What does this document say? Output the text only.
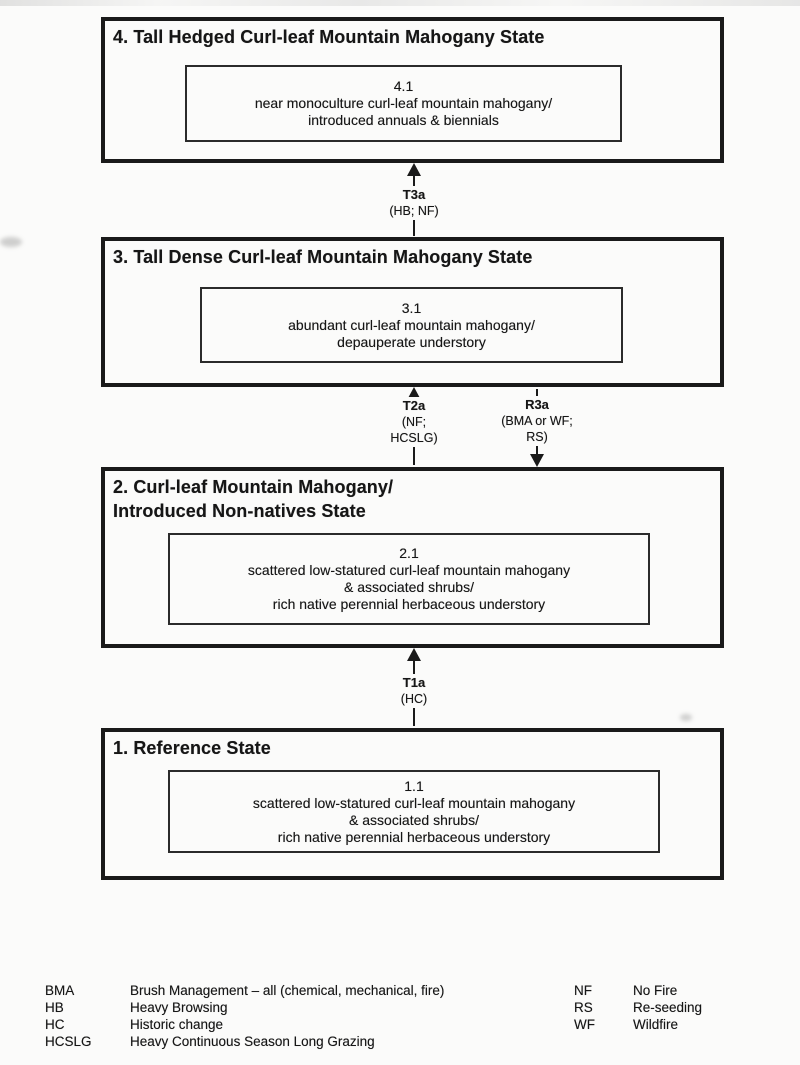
4. Tall Hedged Curl-leaf Mountain Mahogany State
4.1
near monoculture curl-leaf mountain mahogany/
introduced annuals & biennials
T3a
(HB; NF)
3. Tall Dense Curl-leaf Mountain Mahogany State
3.1
abundant curl-leaf mountain mahogany/
depauperate understory
T2a
(NF;
HCSLG)
R3a
(BMA or WF;
RS)
2. Curl-leaf Mountain Mahogany/
Introduced Non-natives State
2.1
scattered low-statured curl-leaf mountain mahogany
& associated shrubs/
rich native perennial herbaceous understory
T1a
(HC)
1. Reference State
1.1
scattered low-statured curl-leaf mountain mahogany
& associated shrubs/
rich native perennial herbaceous understory
BMA	Brush Management – all (chemical, mechanical, fire)
HB	Heavy Browsing
HC	Historic change
HCSLG	Heavy Continuous Season Long Grazing
NF	No Fire
RS	Re-seeding
WF	Wildfire
